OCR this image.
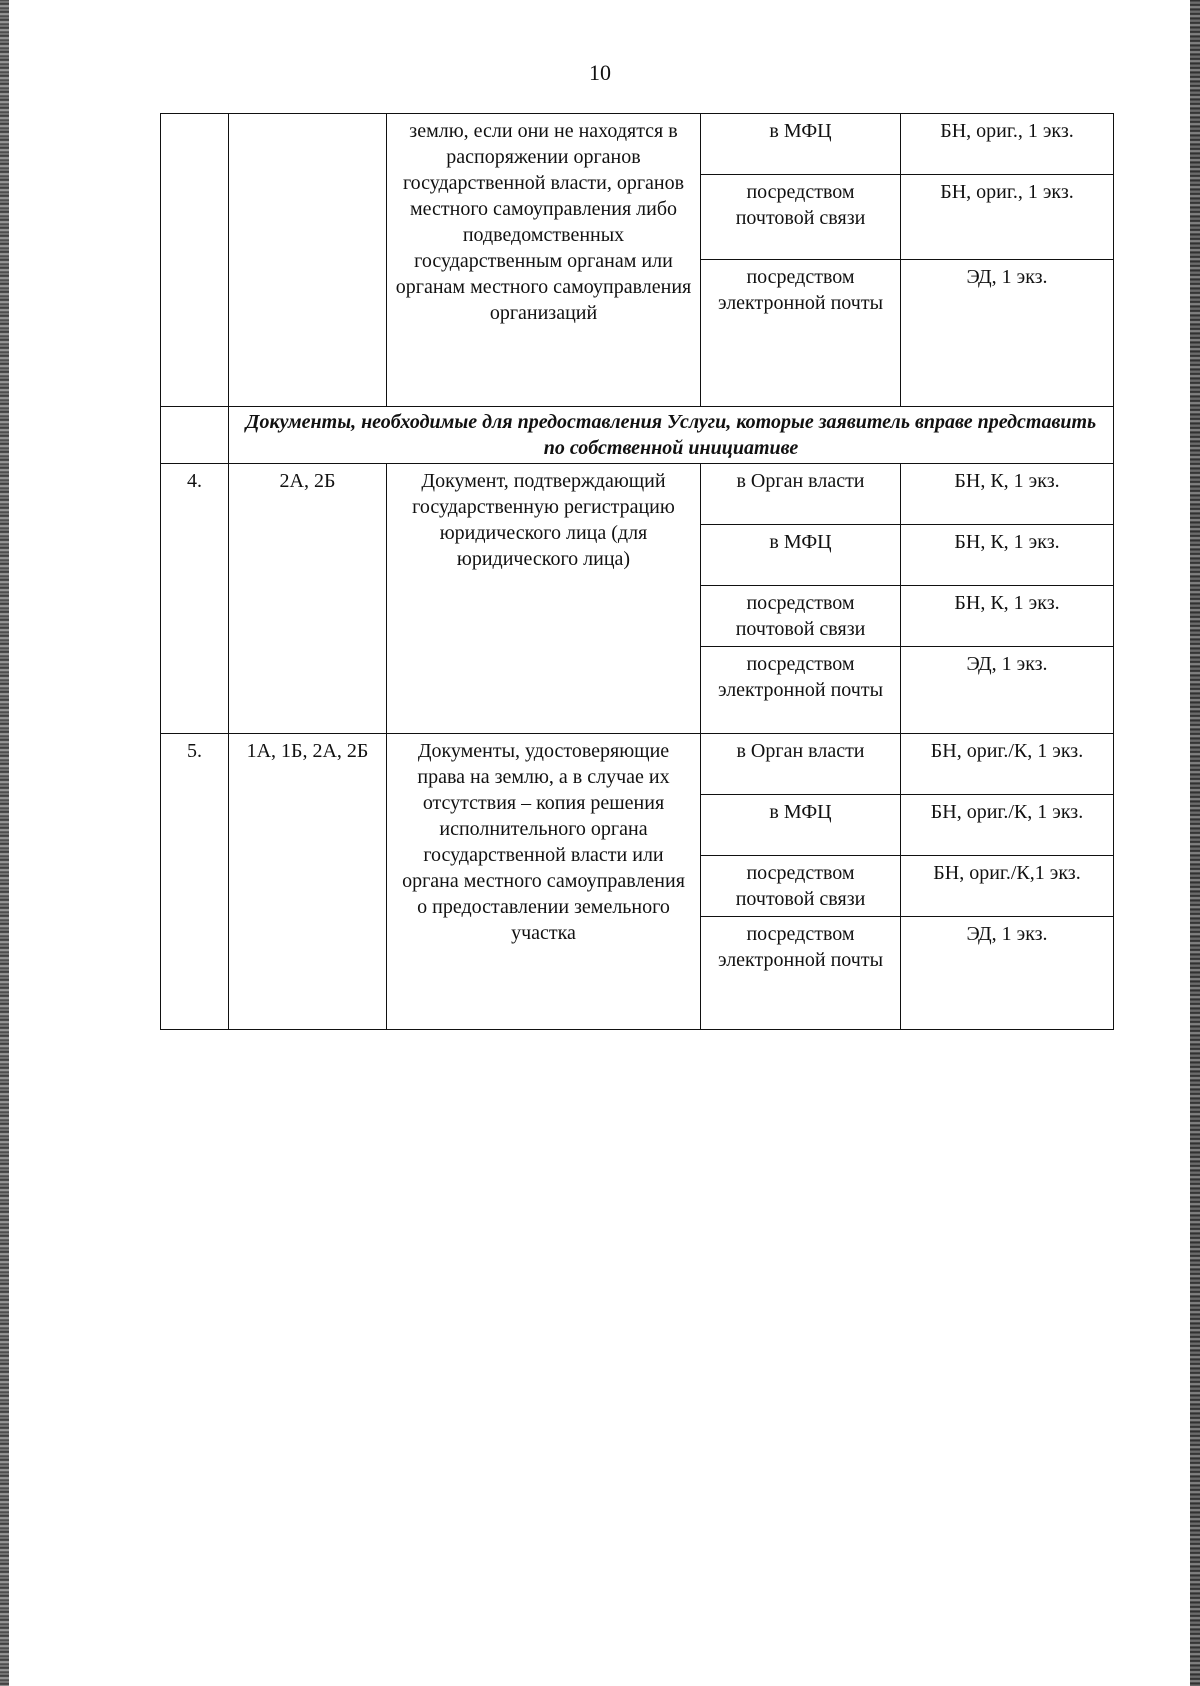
10
		землю, если они не находятся в распоряжении органов государственной власти, органов местного самоуправления либо подведомственных государственным органам или органам местного самоуправления организаций	в МФЦ	БН, ориг., 1 экз.
			посредством почтовой связи	БН, ориг., 1 экз.
			посредством электронной почты	ЭД, 1 экз.
	Документы, необходимые для предоставления Услуги, которые заявитель вправе представить по собственной инициативе			
4.	2А, 2Б	Документ, подтверждающий государственную регистрацию юридического лица (для юридического лица)	в Орган власти	БН, К, 1 экз.
			в МФЦ	БН, К, 1 экз.
			посредством почтовой связи	БН, К, 1 экз.
			посредством электронной почты	ЭД, 1 экз.
5.	1А, 1Б, 2А, 2Б	Документы, удостоверяющие права на землю, а в случае их отсутствия – копия решения исполнительного органа государственной власти или органа местного самоуправления о предоставлении земельного участка	в Орган власти	БН, ориг./К, 1 экз.
			в МФЦ	БН, ориг./К, 1 экз.
			посредством почтовой связи	БН, ориг./К,1 экз.
			посредством электронной почты	ЭД, 1 экз.
